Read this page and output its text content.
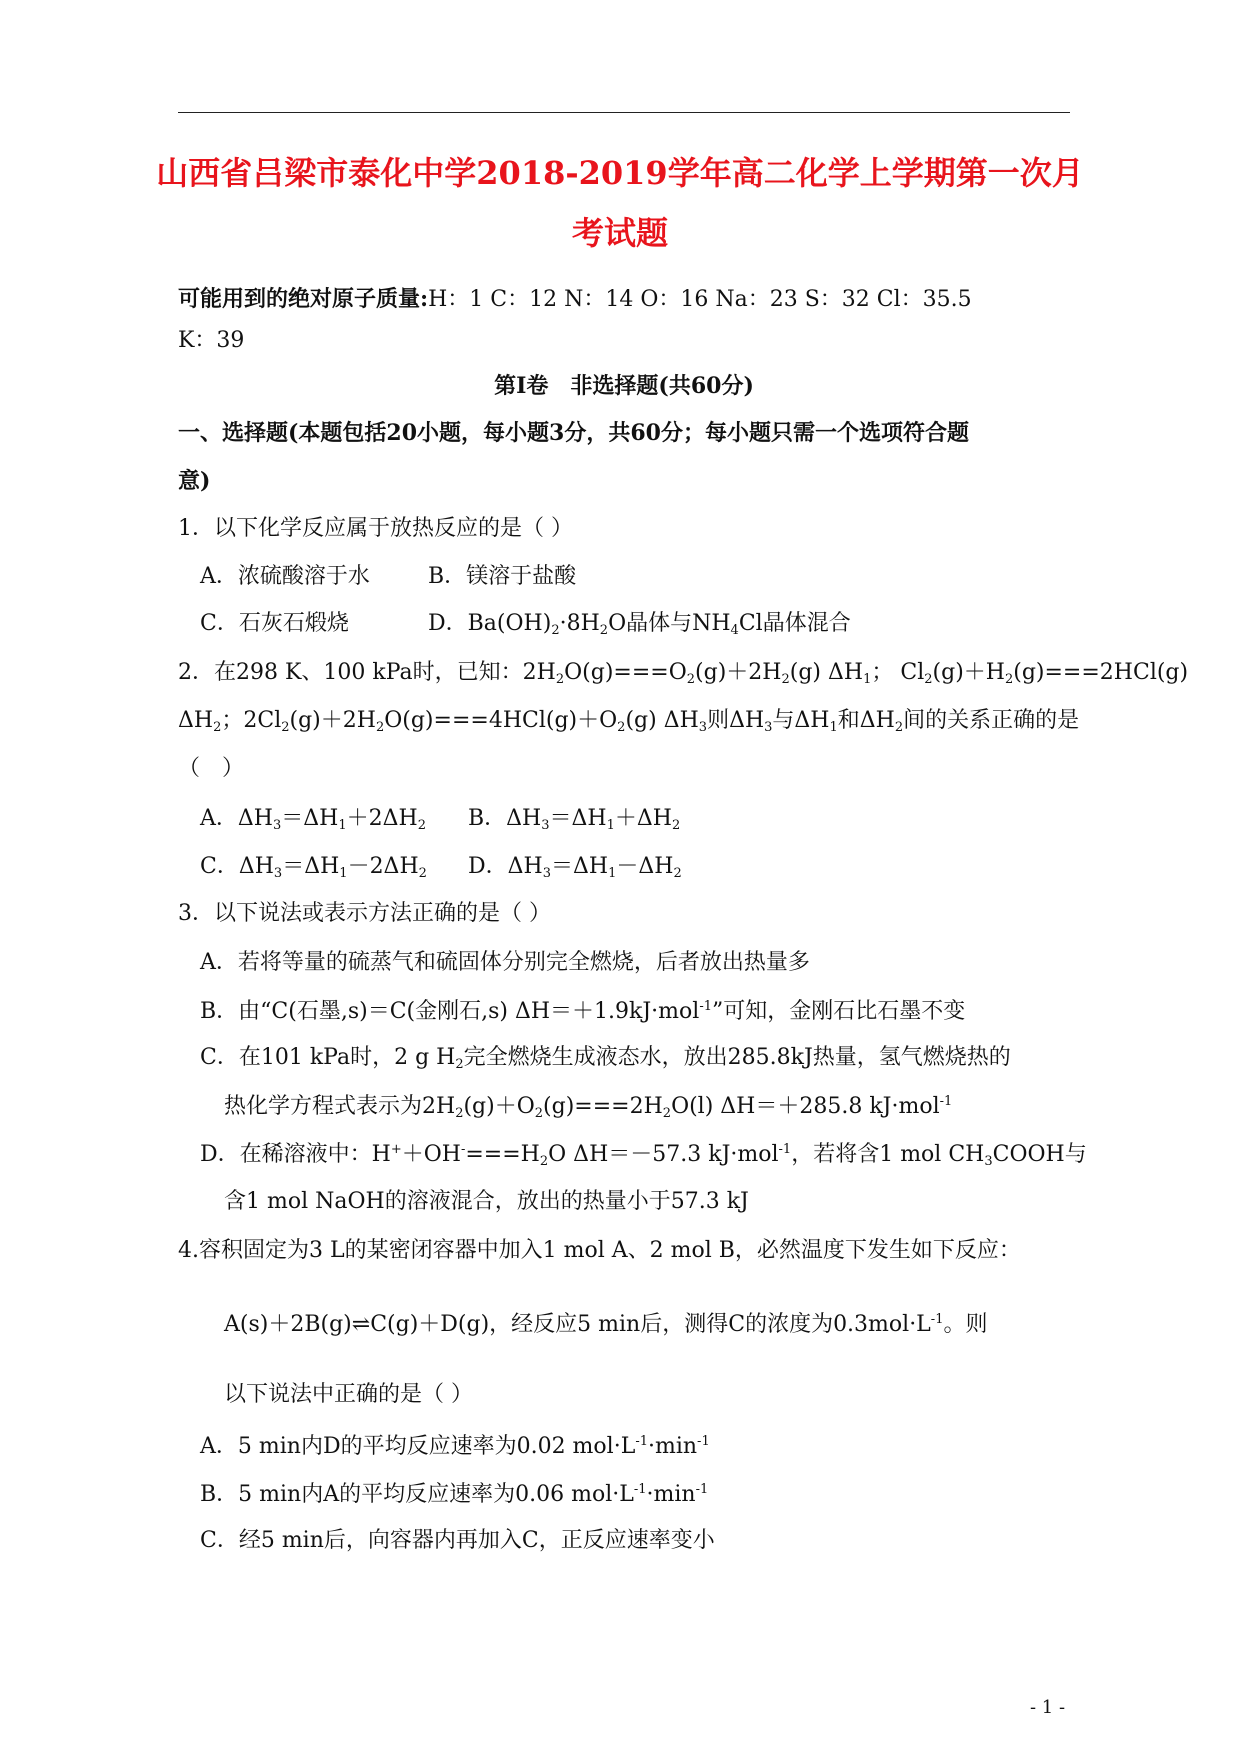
山西省吕梁市泰化中学2018-2019学年高二化学上学期第一次月
考试题
可能用到的绝对原子质量:H：1 C：12 N：14 O：16 Na：23 S：32 Cl：35.5
K：39
第Ⅰ卷　非选择题(共60分)
一、选择题(本题包括20小题，每小题3分，共60分；每小题只需一个选项符合题
意)
1．以下化学反应属于放热反应的是（ ）
A．浓硫酸溶于水	B．镁溶于盐酸
C．石灰石煅烧	D．$Ba(OH)_2\cdot 8H_2O$晶体与$NH_4Cl$晶体混合
2．在298 K、100 kPa时，已知：$2H_2O(g)===O_2(g)+2H_2(g)$ $\Delta H_1$； $Cl_2(g)+H_2(g)===2HCl(g)$
$\Delta H_2$；$2Cl_2(g)+2H_2O(g)===4HCl(g)+O_2(g)$ $\Delta H_3$则$\Delta H_3$与$\Delta H_1$和$\Delta H_2$间的关系正确的是
（　）
A．$\Delta H_3=\Delta H_1+2\Delta H_2$ B．$\Delta H_3=\Delta H_1+\Delta H_2$
C．$\Delta H_3=\Delta H_1-2\Delta H_2$ D．$\Delta H_3=\Delta H_1-\Delta H_2$
3．以下说法或表示方法正确的是（ ）
A．若将等量的硫蒸气和硫固体分别完全燃烧，后者放出热量多
B．由“C(石墨,s)＝C(金刚石,s) ΔH＝＋1.9kJ·mol$^{-1}$”可知，金刚石比石墨不变
C．在101 kPa时，2 g $H_2$完全燃烧生成液态水，放出285.8kJ热量，氢气燃烧热的
热化学方程式表示为$2H_2(g)+O_2(g)===2H_2O(l)$ ΔH＝＋285.8 kJ·mol$^{-1}$
D．在稀溶液中：$H^++OH^-===H_2O$ ΔH＝－57.3 kJ·mol$^{-1}$，若将含1 mol $CH_3COOH$与
含1 mol NaOH的溶液混合，放出的热量小于57.3 kJ
4.容积固定为3 L的某密闭容器中加入1 mol A、2 mol B，必然温度下发生如下反应：
A(s)＋2B(g)⇌C(g)＋D(g)，经反应5 min后，测得C的浓度为$0.3mol\cdot L^{-1}$。则
以下说法中正确的是（ ）
A．5 min内D的平均反应速率为0.02 $mol\cdot L^{-1}\cdot\min^{-1}$
B．5 min内A的平均反应速率为0.06 $mol\cdot L^{-1}\cdot\min^{-1}$
C．经5 min后，向容器内再加入C，正反应速率变小
- 1 -
